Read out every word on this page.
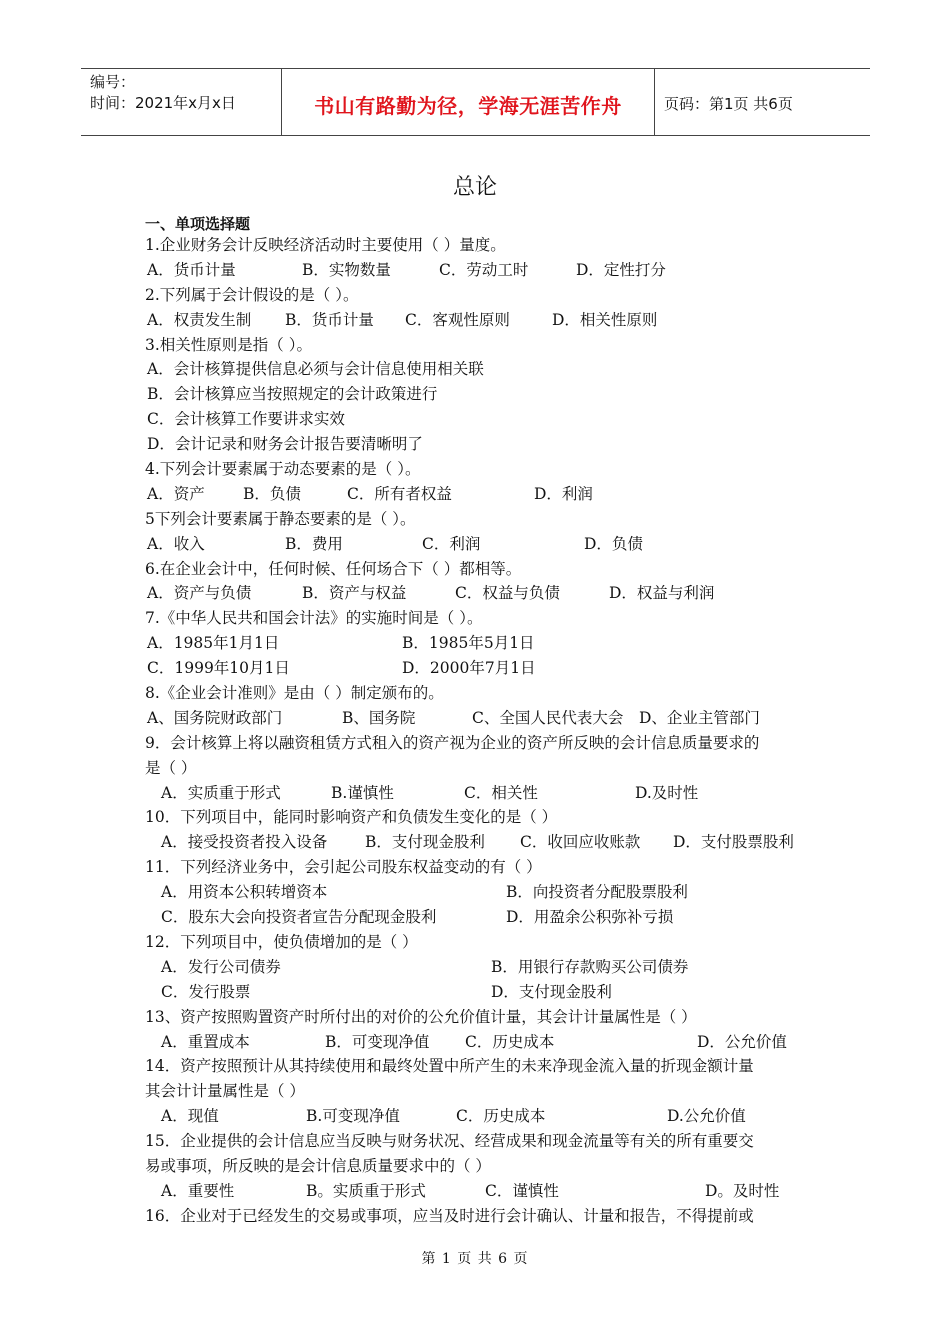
编号：
时间：2021年x月x日	书山有路勤为径，学海无涯苦作舟	页码：第1页 共6页
总论
一、单项选择题
1.企业财务会计反映经济活动时主要使用（ ）量度。
A．货币计量	B．实物数量	C．劳动工时	D．定性打分
2.下列属于会计假设的是（ ）。
A．权责发生制 B．货币计量 C．客观性原则	D．相关性原则
3.相关性原则是指（ ）。
A．会计核算提供信息必须与会计信息使用相关联
B．会计核算应当按照规定的会计政策进行
C．会计核算工作要讲求实效
D．会计记录和财务会计报告要清晰明了
4.下列会计要素属于动态要素的是（ ）。
A．资产 B．负债	C．所有者权益	D．利润
5下列会计要素属于静态要素的是（ ）。
A．收入	B．费用	C．利润	D．负债
6.在企业会计中，任何时候、任何场合下（ ）都相等。
A．资产与负债	B．资产与权益	C．权益与负债	D．权益与利润
7.《中华人民共和国会计法》的实施时间是（ ）。
A．1985年1月1日	B．1985年5月1日
C．1999年10月1日	D．2000年7月1日
8.《企业会计准则》是由（ ）制定颁布的。
A、国务院财政部门	B、国务院	C、全国人民代表大会 D、企业主管部门
9．会计核算上将以融资租赁方式租入的资产视为企业的资产所反映的会计信息质量要求的
是（ ）
A．实质重于形式	B.谨慎性	C．相关性	D.及时性
10．下列项目中，能同时影响资产和负债发生变化的是（ ）
A．接受投资者投入设备 B．支付现金股利 C．收回应收账款 D．支付股票股利
11．下列经济业务中，会引起公司股东权益变动的有（ ）
A．用资本公积转增资本	B．向投资者分配股票股利
C．股东大会向投资者宣告分配现金股利	D．用盈余公积弥补亏损
12．下列项目中，使负债增加的是（ ）
A．发行公司债券	B．用银行存款购买公司债券
C．发行股票	D．支付现金股利
13、资产按照购置资产时所付出的对价的公允价值计量，其会计计量属性是（ ）
A．重置成本	B．可变现净值 C．历史成本	D．公允价值
14．资产按照预计从其持续使用和最终处置中所产生的未来净现金流入量的折现金额计量
其会计计量属性是（ ）
A．现值	B.可变现净值	C．历史成本	D.公允价值
15．企业提供的会计信息应当反映与财务状况、经营成果和现金流量等有关的所有重要交
易或事项，所反映的是会计信息质量要求中的（ ）
A．重要性	B。实质重于形式	C．谨慎性	D。及时性
16．企业对于已经发生的交易或事项，应当及时进行会计确认、计量和报告，不得提前或
第 1 页 共 6 页
